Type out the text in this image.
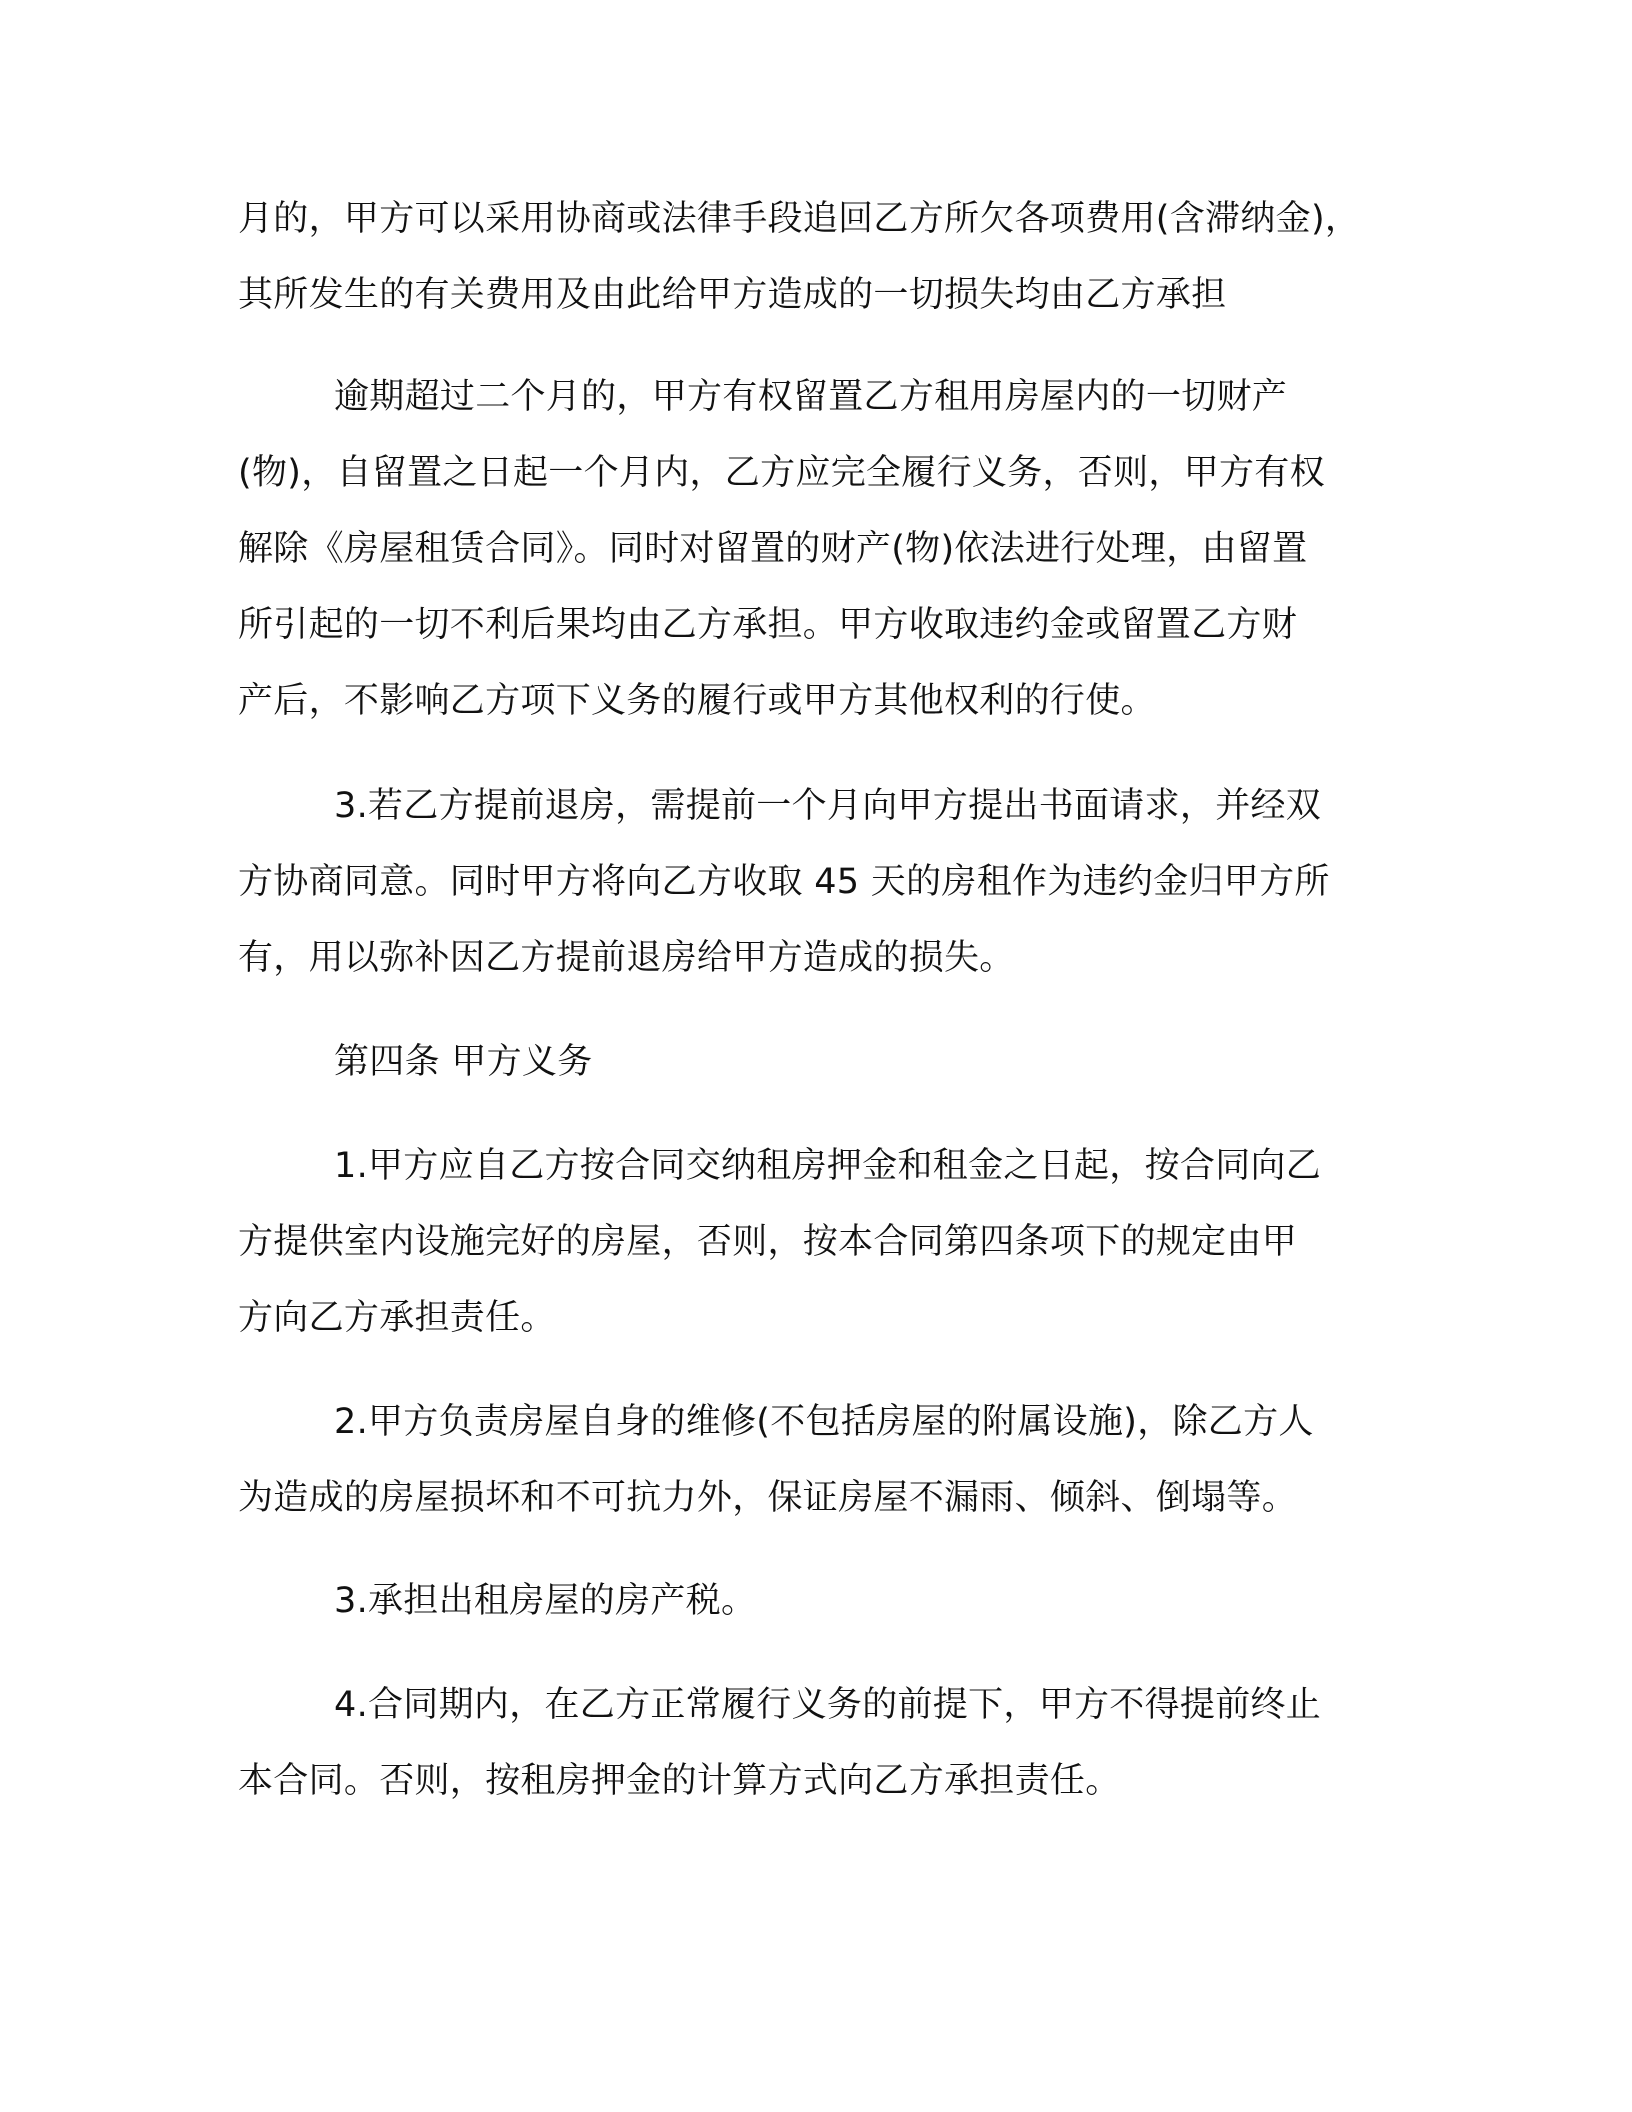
月的，甲方可以采用协商或法律手段追回乙方所欠各项费用(含滞纳金)，
其所发生的有关费用及由此给甲方造成的一切损失均由乙方承担
逾期超过二个月的，甲方有权留置乙方租用房屋内的一切财产
(物)，自留置之日起一个月内，乙方应完全履行义务，否则，甲方有权
解除《房屋租赁合同》。同时对留置的财产(物)依法进行处理，由留置
所引起的一切不利后果均由乙方承担。甲方收取违约金或留置乙方财
产后，不影响乙方项下义务的履行或甲方其他权利的行使。
3.若乙方提前退房，需提前一个月向甲方提出书面请求，并经双
方协商同意。同时甲方将向乙方收取 45 天的房租作为违约金归甲方所
有，用以弥补因乙方提前退房给甲方造成的损失。
第四条 甲方义务
1.甲方应自乙方按合同交纳租房押金和租金之日起，按合同向乙
方提供室内设施完好的房屋，否则，按本合同第四条项下的规定由甲
方向乙方承担责任。
2.甲方负责房屋自身的维修(不包括房屋的附属设施)，除乙方人
为造成的房屋损坏和不可抗力外，保证房屋不漏雨、倾斜、倒塌等。
3.承担出租房屋的房产税。
4.合同期内，在乙方正常履行义务的前提下，甲方不得提前终止
本合同。否则，按租房押金的计算方式向乙方承担责任。
